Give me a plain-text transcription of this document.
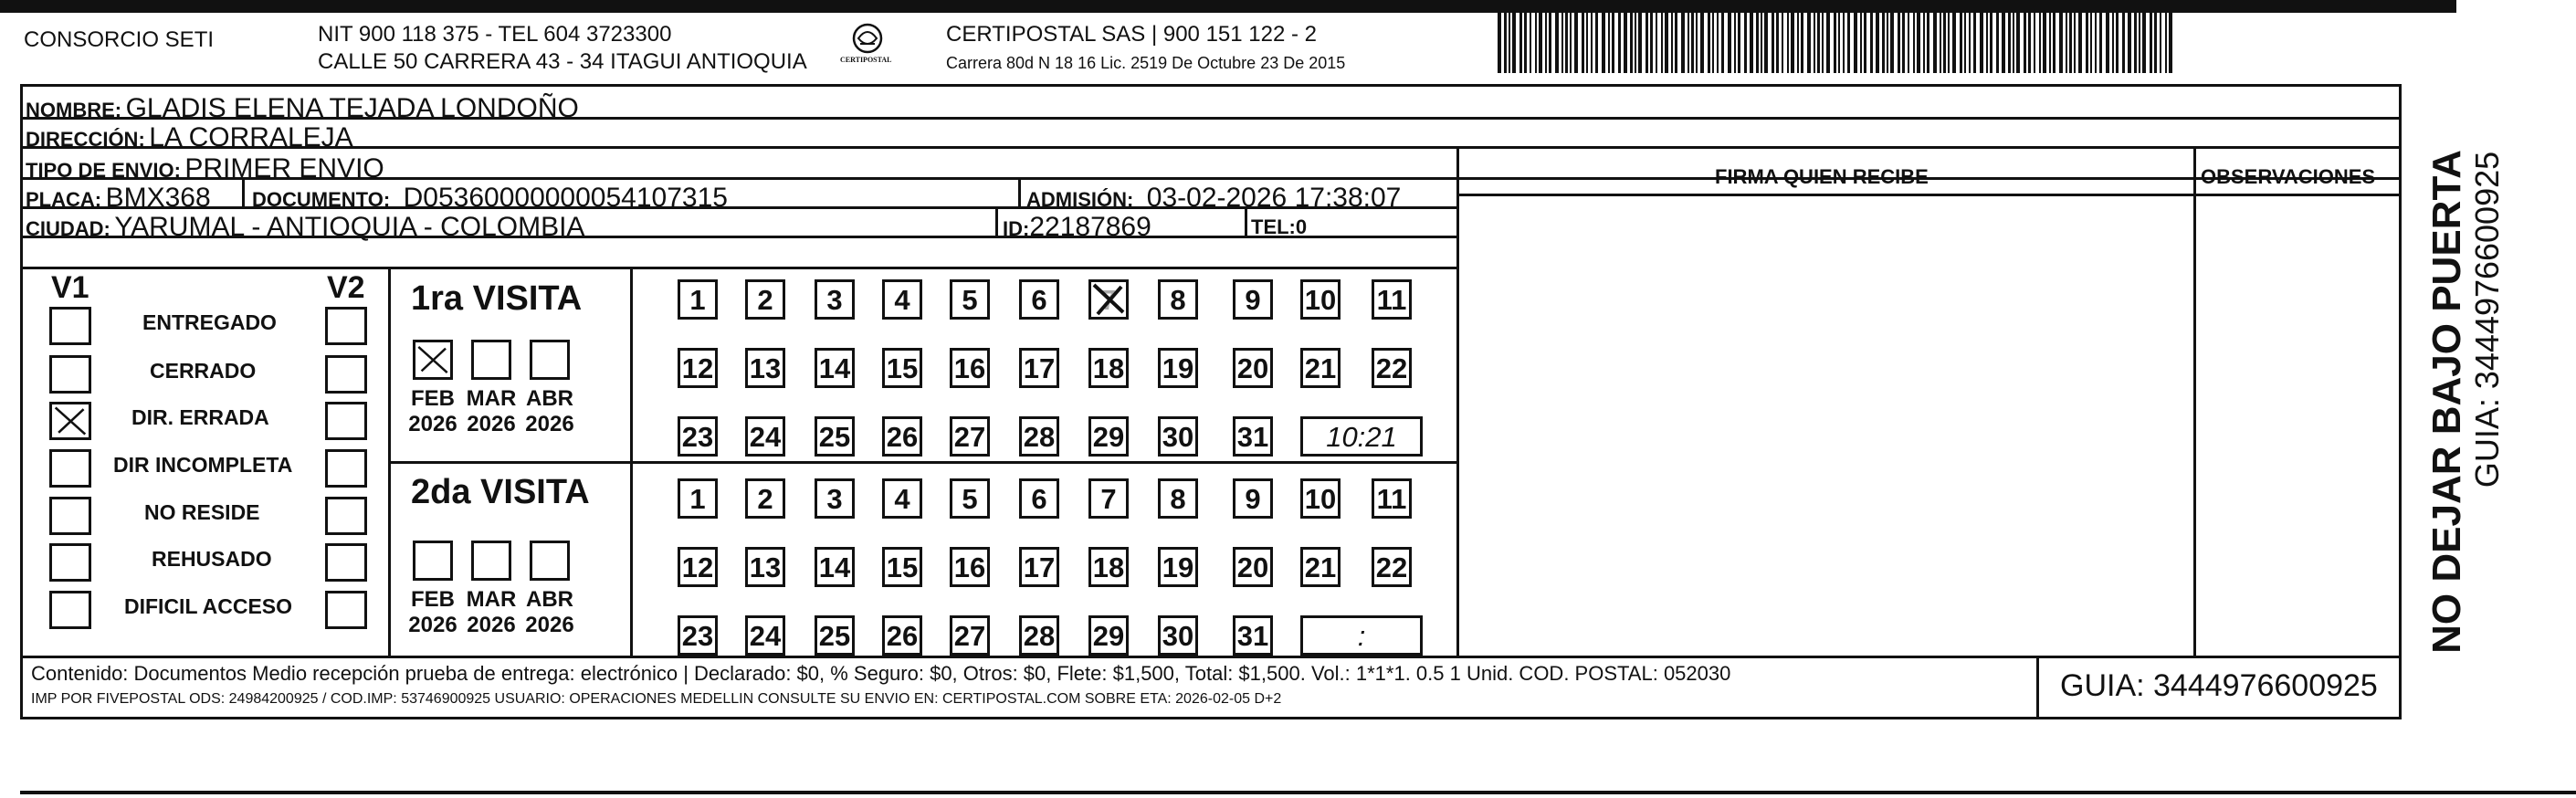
CONSORCIO SETI	NIT 900 118 375 - TEL 604 3723300
CALLE 50 CARRERA 43 - 34 ITAGUI ANTIOQUIA	CERTIPOSTAL
CERTIPOSTAL SAS | 900 151 122 - 2
Carrera 80d N 18 16 Lic. 2519 De Octubre 23 De 2015
NOMBRE: GLADIS ELENA TEJADA LONDOÑO
DIRECCIÓN: LA CORRALEJA
TIPO DE ENVIO: PRIMER ENVIO
PLACA: BMX368 DOCUMENTO: D05360000000054107315	ADMISIÓN: 03-02-2026 17:38:07
CIUDAD: YARUMAL - ANTIOQUIA - COLOMBIA	ID:22187869	TEL:0
FIRMA QUIEN RECIBE	OBSERVACIONES
V1	V2 1ra VISITA
2da VISITA
Contenido: Documentos Medio recepción prueba de entrega: electrónico | Declarado: $0, % Seguro: $0, Otros: $0, Flete: $1,500, Total: $1,500. Vol.: 1*1*1. 0.5 1 Unid. COD. POSTAL: 052030
IMP POR FIVEPOSTAL ODS: 24984200925 / COD.IMP: 53746900925 USUARIO: OPERACIONES MEDELLIN CONSULTE SU ENVIO EN: CERTIPOSTAL.COM SOBRE ETA: 2026-02-05 D+2	GUIA: 3444976600925
NO DEJAR BAJO PUERTA GUIA: 3444976600925
ENTREGADO
CERRADO
DIR. ERRADA
DIR INCOMPLETA
NO RESIDE
REHUSADO
DIFICIL ACCESO
FEB
2026
MAR
2026
ABR
2026
FEB
2026
MAR
2026
ABR
2026
1	2	3	4	5	6	7	8	9	10 11
12 13 14 15 16 17 18 19 20 21 22
23 24 25 26 27 28 29 30 31	10:21
1	2	3	4	5	6	7	8	9	10 11
12 13 14 15 16 17 18 19 20 21 22
23 24 25 26 27 28 29 30 31	:
